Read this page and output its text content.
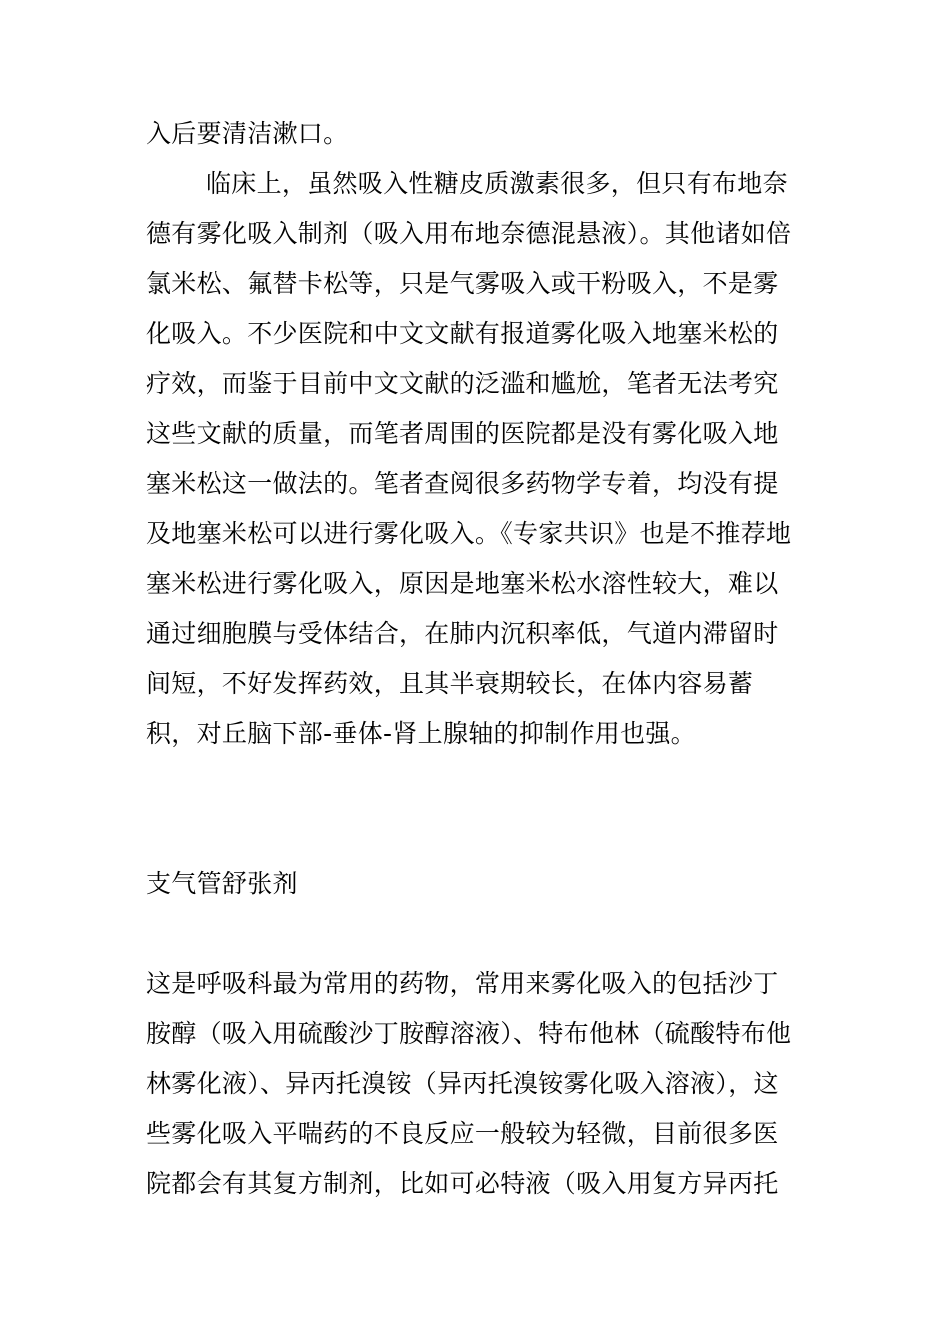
入后要清洁漱口。

临床上，虽然吸入性糖皮质激素很多，但只有布地奈

德有雾化吸入制剂（吸入用布地奈德混悬液）。其他诸如倍

氯米松、氟替卡松等，只是气雾吸入或干粉吸入，不是雾

化吸入。不少医院和中文文献有报道雾化吸入地塞米松的

疗效，而鉴于目前中文文献的泛滥和尴尬，笔者无法考究

这些文献的质量，而笔者周围的医院都是没有雾化吸入地

塞米松这一做法的。笔者查阅很多药物学专着，均没有提

及地塞米松可以进行雾化吸入。《专家共识》也是不推荐地

塞米松进行雾化吸入，原因是地塞米松水溶性较大，难以

通过细胞膜与受体结合，在肺内沉积率低，气道内滞留时

间短，不好发挥药效，且其半衰期较长，在体内容易蓄

积，对丘脑下部-垂体-肾上腺轴的抑制作用也强。

支气管舒张剂

这是呼吸科最为常用的药物，常用来雾化吸入的包括沙丁

胺醇（吸入用硫酸沙丁胺醇溶液）、特布他林（硫酸特布他

林雾化液）、异丙托溴铵（异丙托溴铵雾化吸入溶液），这

些雾化吸入平喘药的不良反应一般较为轻微，目前很多医

院都会有其复方制剂，比如可必特液（吸入用复方异丙托
